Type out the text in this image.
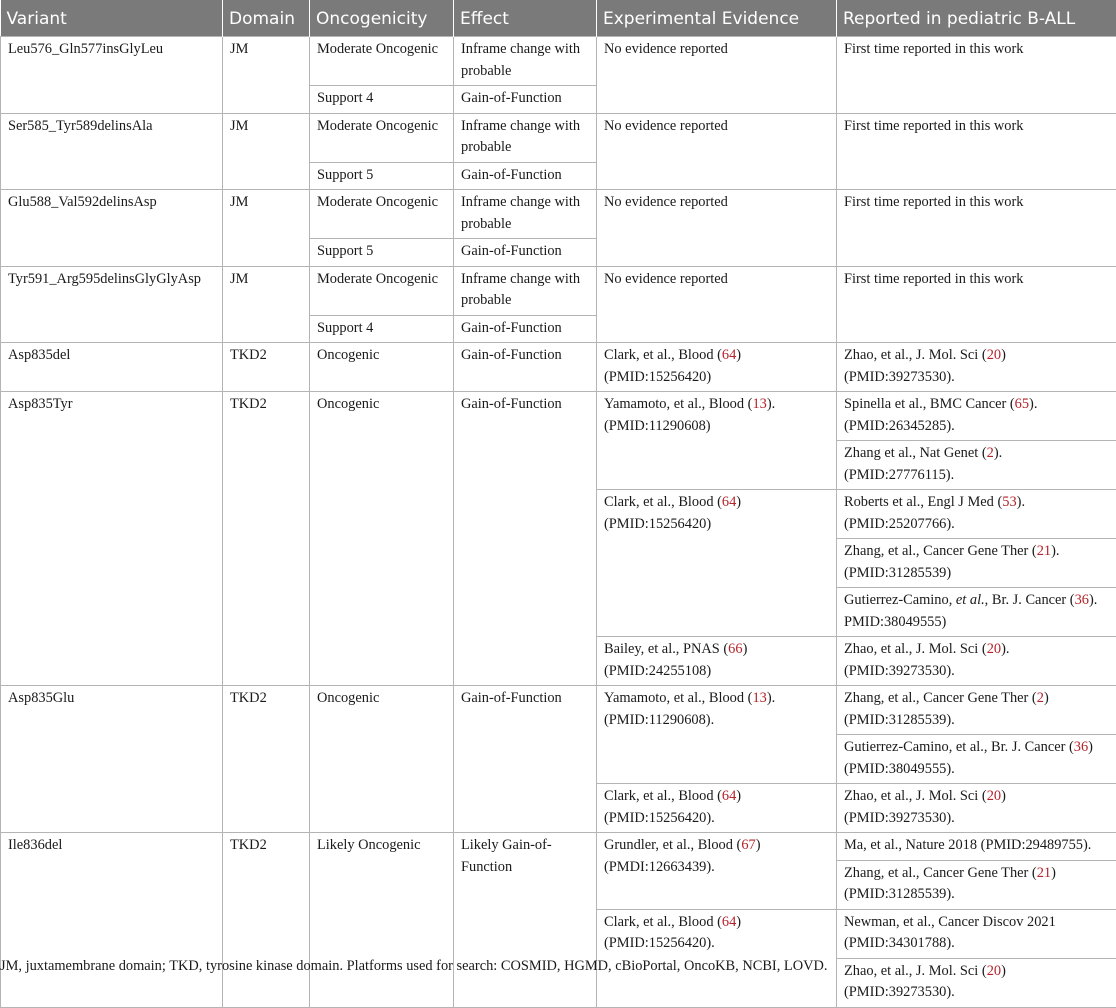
Variant	Domain	Oncogenicity	Effect	Experimental Evidence	Reported in pediatric B-ALL
Leu576_Gln577insGlyLeu	JM	Moderate Oncogenic	Inframe change with probable	No evidence reported	First time reported in this work
		Support 4	Gain-of-Function		
Ser585_Tyr589delinsAla	JM	Moderate Oncogenic	Inframe change with probable	No evidence reported	First time reported in this work
		Support 5	Gain-of-Function		
Glu588_Val592delinsAsp	JM	Moderate Oncogenic	Inframe change with probable	No evidence reported	First time reported in this work
		Support 5	Gain-of-Function		
Tyr591_Arg595delinsGlyGlyAsp	JM	Moderate Oncogenic	Inframe change with probable	No evidence reported	First time reported in this work
		Support 4	Gain-of-Function		
Asp835del	TKD2	Oncogenic	Gain-of-Function	Clark, et al., Blood (64) (PMID:15256420)	Zhao, et al., J. Mol. Sci (20) (PMID:39273530).
Asp835Tyr	TKD2	Oncogenic	Gain-of-Function	Yamamoto, et al., Blood (13). (PMID:11290608)	Spinella et al., BMC Cancer (65). (PMID:26345285).
					Zhang et al., Nat Genet (2). (PMID:27776115).
				Clark, et al., Blood (64) (PMID:15256420)	Roberts et al., Engl J Med (53). (PMID:25207766).
					Zhang, et al., Cancer Gene Ther (21). (PMID:31285539)
					Gutierrez-Camino, et al., Br. J. Cancer (36). PMID:38049555)
				Bailey, et al., PNAS (66) (PMID:24255108)	Zhao, et al., J. Mol. Sci (20). (PMID:39273530).
Asp835Glu	TKD2	Oncogenic	Gain-of-Function	Yamamoto, et al., Blood (13). (PMID:11290608).	Zhang, et al., Cancer Gene Ther (2) (PMID:31285539).
					Gutierrez-Camino, et al., Br. J. Cancer (36) (PMID:38049555).
				Clark, et al., Blood (64) (PMID:15256420).	Zhao, et al., J. Mol. Sci (20) (PMID:39273530).
Ile836del	TKD2	Likely Oncogenic	Likely Gain-of-Function	Grundler, et al., Blood (67) (PMDI:12663439).	Ma, et al., Nature 2018 (PMID:29489755).
					Zhang, et al., Cancer Gene Ther (21) (PMID:31285539).
				Clark, et al., Blood (64) (PMID:15256420).	Newman, et al., Cancer Discov 2021 (PMID:34301788).
					Zhao, et al., J. Mol. Sci (20) (PMID:39273530).
JM, juxtamembrane domain; TKD, tyrosine kinase domain. Platforms used for search: COSMID, HGMD, cBioPortal, OncoKB, NCBI, LOVD.
